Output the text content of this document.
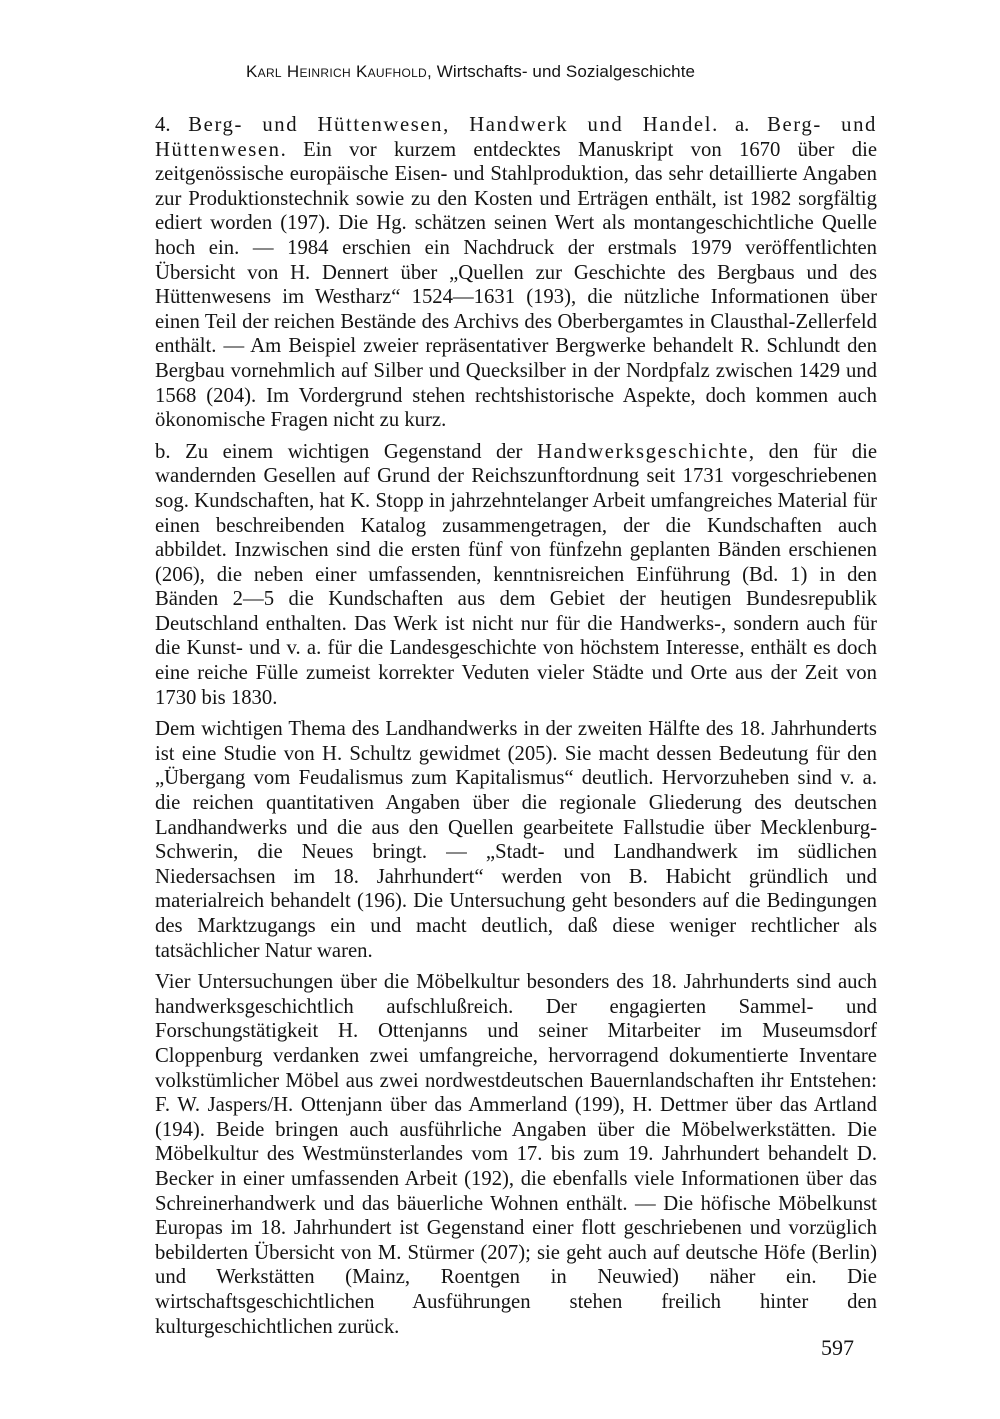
Karl Heinrich Kaufhold, Wirtschafts- und Sozialgeschichte

4. Berg- und Hüttenwesen, Handwerk und Handel. a. Berg- und Hüttenwesen. Ein vor kurzem entdecktes Manuskript von 1670 über die zeitgenössische europäische Eisen- und Stahlproduktion, das sehr detaillierte Angaben zur Produktionstechnik sowie zu den Kosten und Erträgen enthält, ist 1982 sorgfältig ediert worden (197). Die Hg. schätzen seinen Wert als montangeschichtliche Quelle hoch ein. — 1984 erschien ein Nachdruck der erstmals 1979 veröffentlichten Übersicht von H. Dennert über „Quellen zur Geschichte des Bergbaus und des Hüttenwesens im Westharz“ 1524—1631 (193), die nützliche Informationen über einen Teil der reichen Bestände des Archivs des Oberbergamtes in Clausthal-Zellerfeld enthält. — Am Beispiel zweier repräsentativer Bergwerke behandelt R. Schlundt den Bergbau vornehmlich auf Silber und Quecksilber in der Nordpfalz zwischen 1429 und 1568 (204). Im Vordergrund stehen rechtshistorische Aspekte, doch kommen auch ökonomische Fragen nicht zu kurz.

b. Zu einem wichtigen Gegenstand der Handwerksgeschichte, den für die wandernden Gesellen auf Grund der Reichszunftordnung seit 1731 vorgeschriebenen sog. Kundschaften, hat K. Stopp in jahrzehntelanger Arbeit umfangreiches Material für einen beschreibenden Katalog zusammengetragen, der die Kundschaften auch abbildet. Inzwischen sind die ersten fünf von fünfzehn geplanten Bänden erschienen (206), die neben einer umfassenden, kenntnisreichen Einführung (Bd. 1) in den Bänden 2—5 die Kundschaften aus dem Gebiet der heutigen Bundesrepublik Deutschland enthalten. Das Werk ist nicht nur für die Handwerks-, sondern auch für die Kunst- und v. a. für die Landesgeschichte von höchstem Interesse, enthält es doch eine reiche Fülle zumeist korrekter Veduten vieler Städte und Orte aus der Zeit von 1730 bis 1830.

Dem wichtigen Thema des Landhandwerks in der zweiten Hälfte des 18. Jahrhunderts ist eine Studie von H. Schultz gewidmet (205). Sie macht dessen Bedeutung für den „Übergang vom Feudalismus zum Kapitalismus“ deutlich. Hervorzuheben sind v. a. die reichen quantitativen Angaben über die regionale Gliederung des deutschen Landhandwerks und die aus den Quellen gearbeitete Fallstudie über Mecklenburg-Schwerin, die Neues bringt. — „Stadt- und Landhandwerk im südlichen Niedersachsen im 18. Jahrhundert“ werden von B. Habicht gründlich und materialreich behandelt (196). Die Untersuchung geht besonders auf die Bedingungen des Marktzugangs ein und macht deutlich, daß diese weniger rechtlicher als tatsächlicher Natur waren.

Vier Untersuchungen über die Möbelkultur besonders des 18. Jahrhunderts sind auch handwerksgeschichtlich aufschlußreich. Der engagierten Sammel- und Forschungstätigkeit H. Ottenjanns und seiner Mitarbeiter im Museumsdorf Cloppenburg verdanken zwei umfangreiche, hervorragend dokumentierte Inventare volkstümlicher Möbel aus zwei nordwestdeutschen Bauernlandschaften ihr Entstehen: F. W. Jaspers/H. Ottenjann über das Ammerland (199), H. Dettmer über das Artland (194). Beide bringen auch ausführliche Angaben über die Möbelwerkstätten. Die Möbelkultur des Westmünsterlandes vom 17. bis zum 19. Jahrhundert behandelt D. Becker in einer umfassenden Arbeit (192), die ebenfalls viele Informationen über das Schreinerhandwerk und das bäuerliche Wohnen enthält. — Die höfische Möbelkunst Europas im 18. Jahrhundert ist Gegenstand einer flott geschriebenen und vorzüglich bebilderten Übersicht von M. Stürmer (207); sie geht auch auf deutsche Höfe (Berlin) und Werkstätten (Mainz, Roentgen in Neuwied) näher ein. Die wirtschaftsgeschichtlichen Ausführungen stehen freilich hinter den kulturgeschichtlichen zurück.

597
